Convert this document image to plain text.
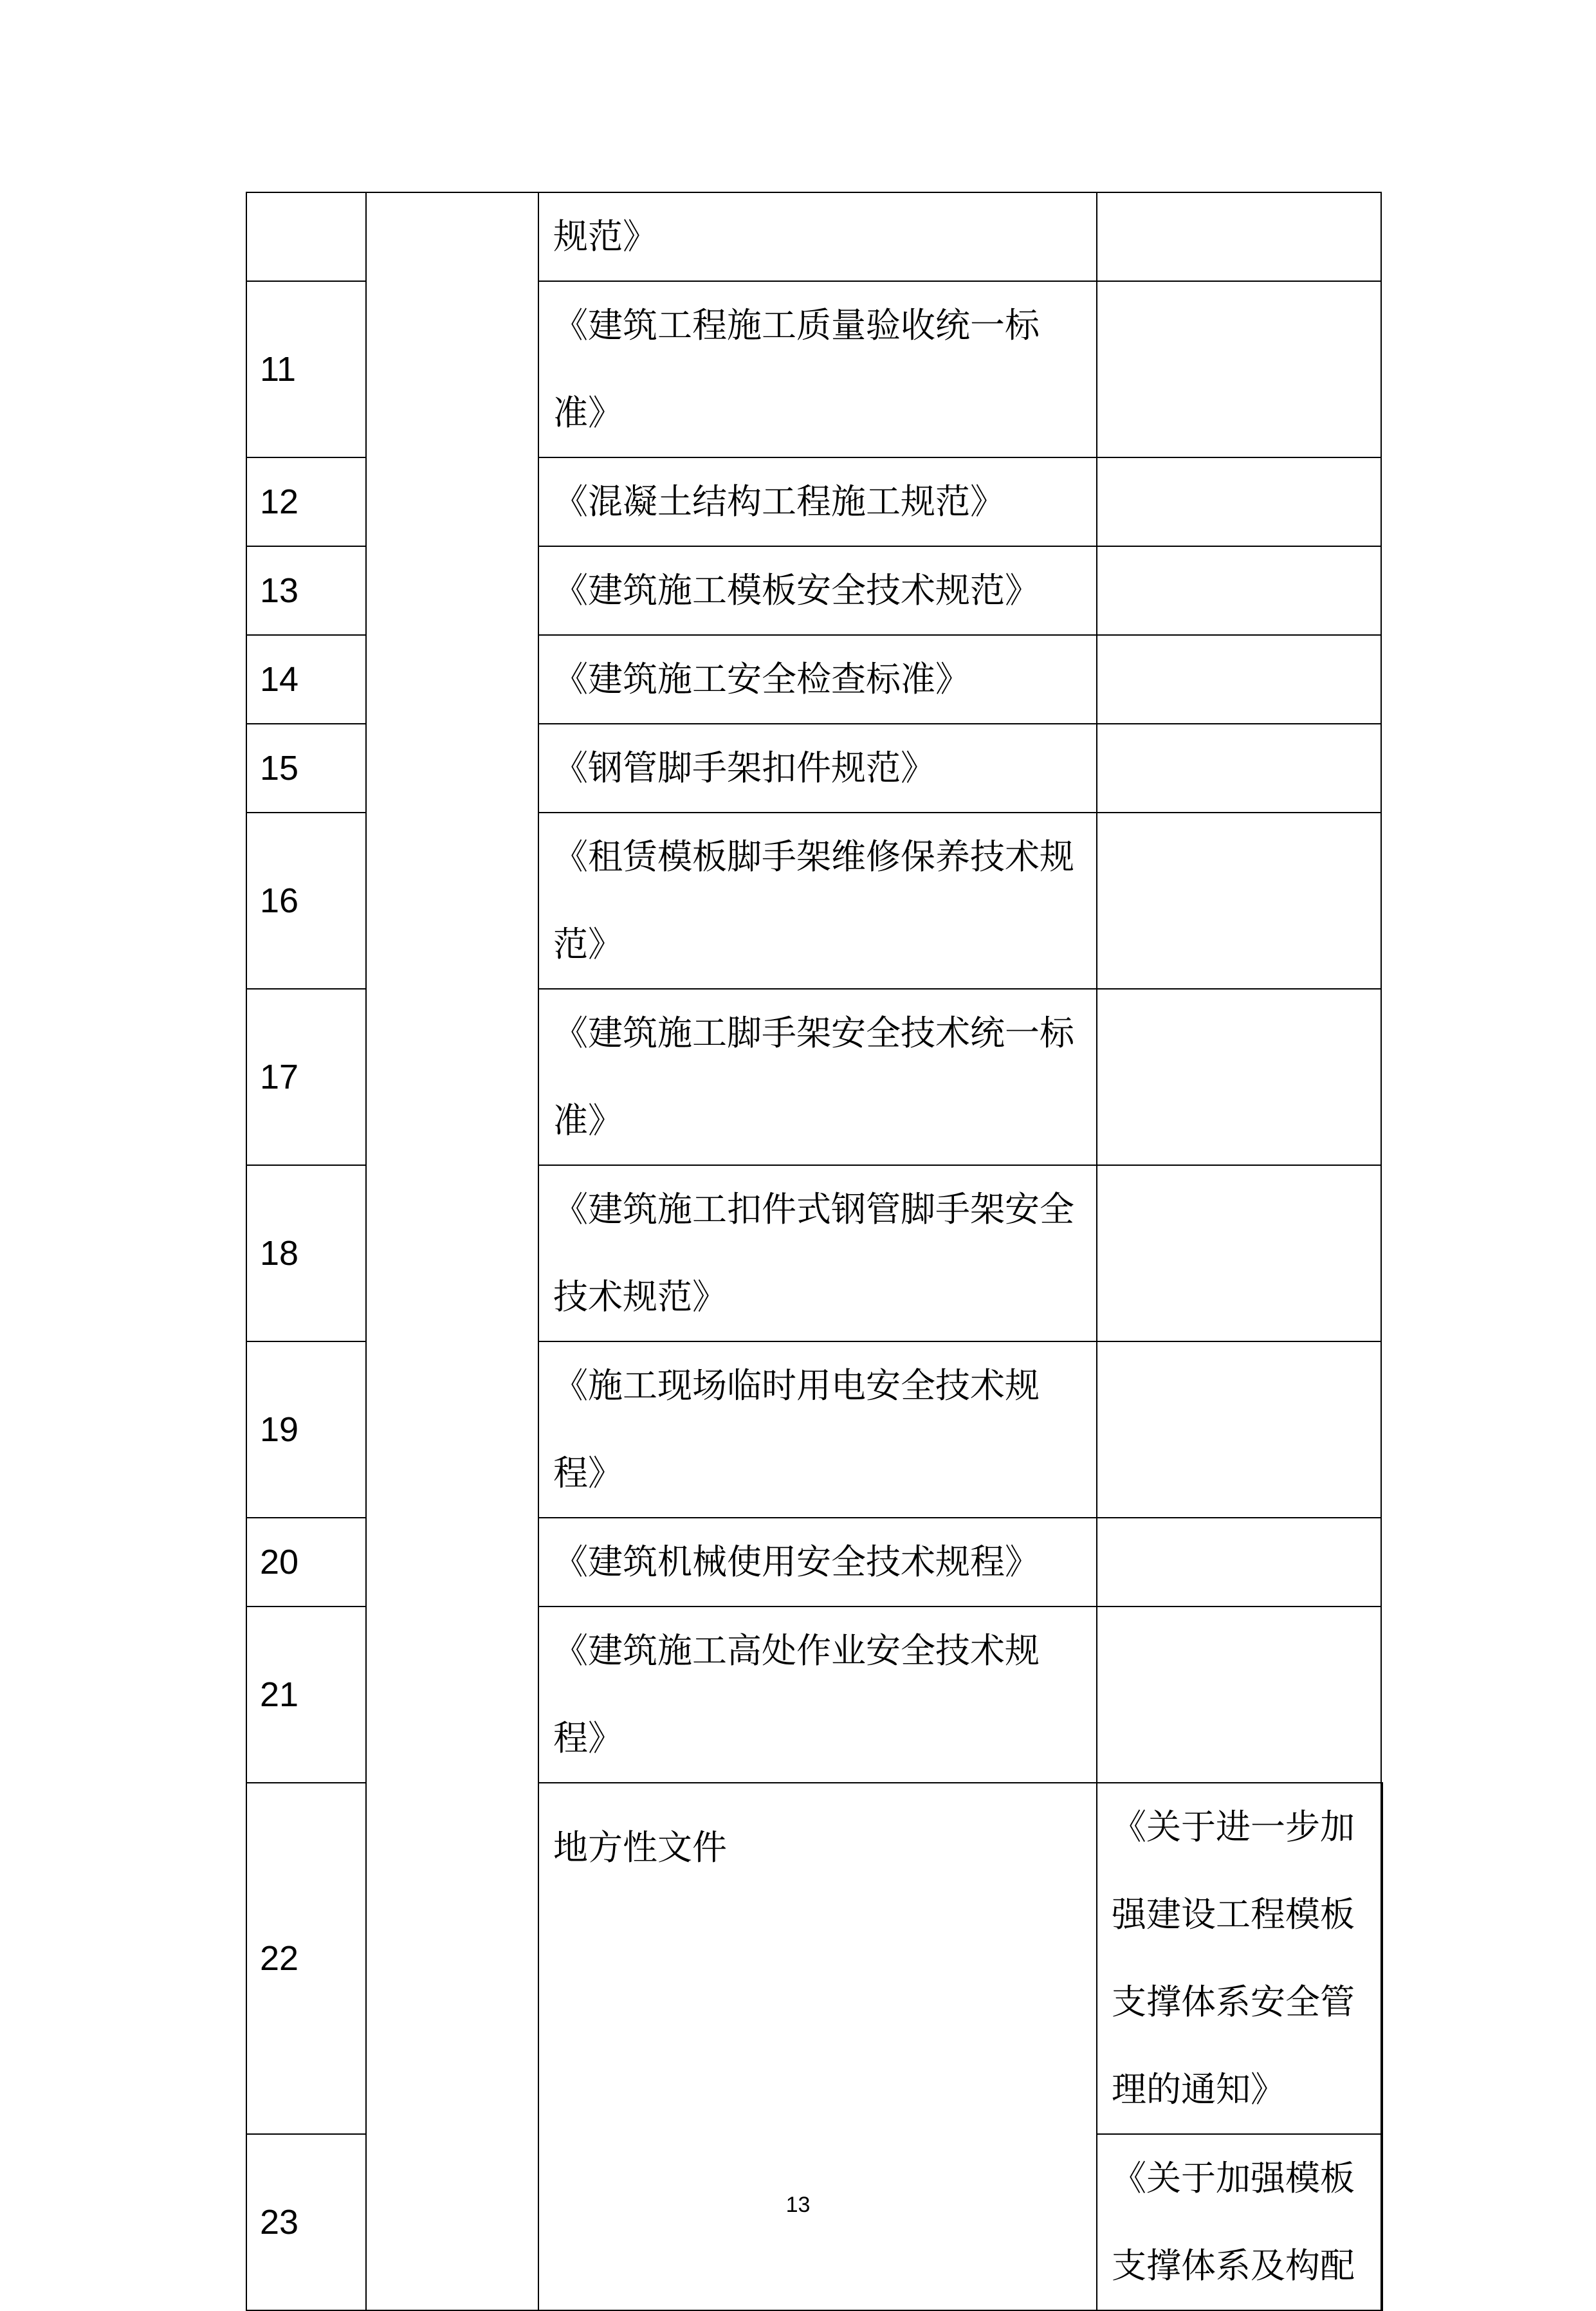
		规范》		
11		《建筑工程施工质量验收统一标准》		
12		《混凝土结构工程施工规范》		
13		《建筑施工模板安全技术规范》		
14		《建筑施工安全检查标准》		
15		《钢管脚手架扣件规范》		
16		《租赁模板脚手架维修保养技术规范》		
17		《建筑施工脚手架安全技术统一标准》		
18		《建筑施工扣件式钢管脚手架安全技术规范》		
19		《施工现场临时用电安全技术规程》		
20		《建筑机械使用安全技术规程》		
21		《建筑施工高处作业安全技术规程》		
22		地方性文件	《关于进一步加强建设工程模板支撑体系安全管理的通知》	
23			《关于加强模板支撑体系及构配	
13
